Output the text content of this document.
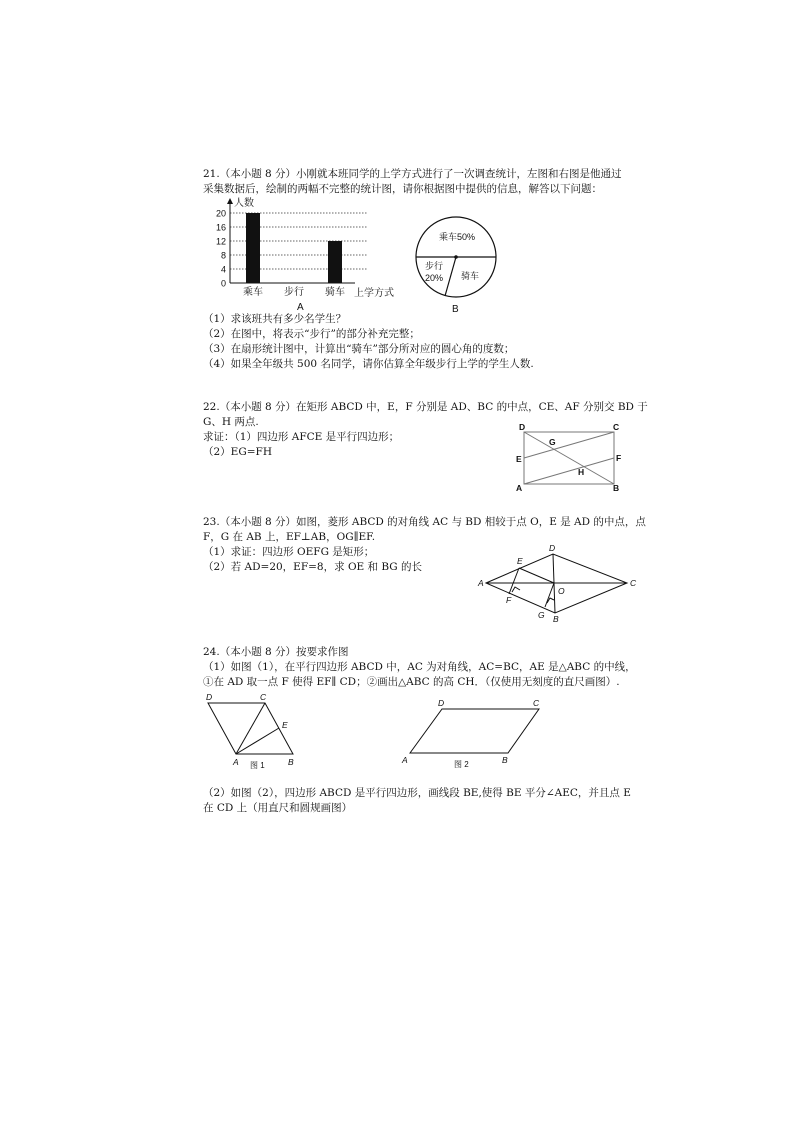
21.（本小题 8 分）小刚就本班同学的上学方式进行了一次调查统计，左图和右图是他通过
采集数据后，绘制的两幅不完整的统计图，请你根据图中提供的信息，解答以下问题：
0
4
8
12
16
20
乘车 步行 骑车
人数
上学方式
A
乘车50%
步行
20% 骑车
B
（1）求该班共有多少名学生？
（2）在图中，将表示“步行”的部分补充完整；
（3）在扇形统计图中，计算出“骑车”部分所对应的圆心角的度数；
（4）如果全年级共 500 名同学，请你估算全年级步行上学的学生人数.
22.（本小题 8 分）在矩形 ABCD 中，E，F 分别是 AD、BC 的中点，CE、AF 分别交 BD 于
G、H 两点.
求证：（1）四边形 AFCE 是平行四边形；
（2）EG=FH
D	C
G
E	F
H
A	B
23.（本小题 8 分）如图，菱形 ABCD 的对角线 AC 与 BD 相较于点 O，E 是 AD 的中点，点
F，G 在 AB 上，EF⊥AB，OG∥EF.
（1）求证：四边形 OEFG 是矩形；
（2）若 AD=20，EF=8，求 OE 和 BG 的长
A	C
D
E
O
F
G B
24.（本小题 8 分）按要求作图
（1）如图（1），在平行四边形 ABCD 中，AC 为对角线，AC=BC，AE 是△ABC 的中线，
①在 AD 取一点 F 使得 EF∥ CD；②画出△ABC 的高 CH．（仅使用无刻度的直尺画图）.
D	C
E
A	B
图 1
D	C
A	B
图 2
（2）如图（2），四边形 ABCD 是平行四边形，画线段 BE,使得 BE 平分∠AEC，并且点 E
在 CD 上（用直尺和圆规画图）
